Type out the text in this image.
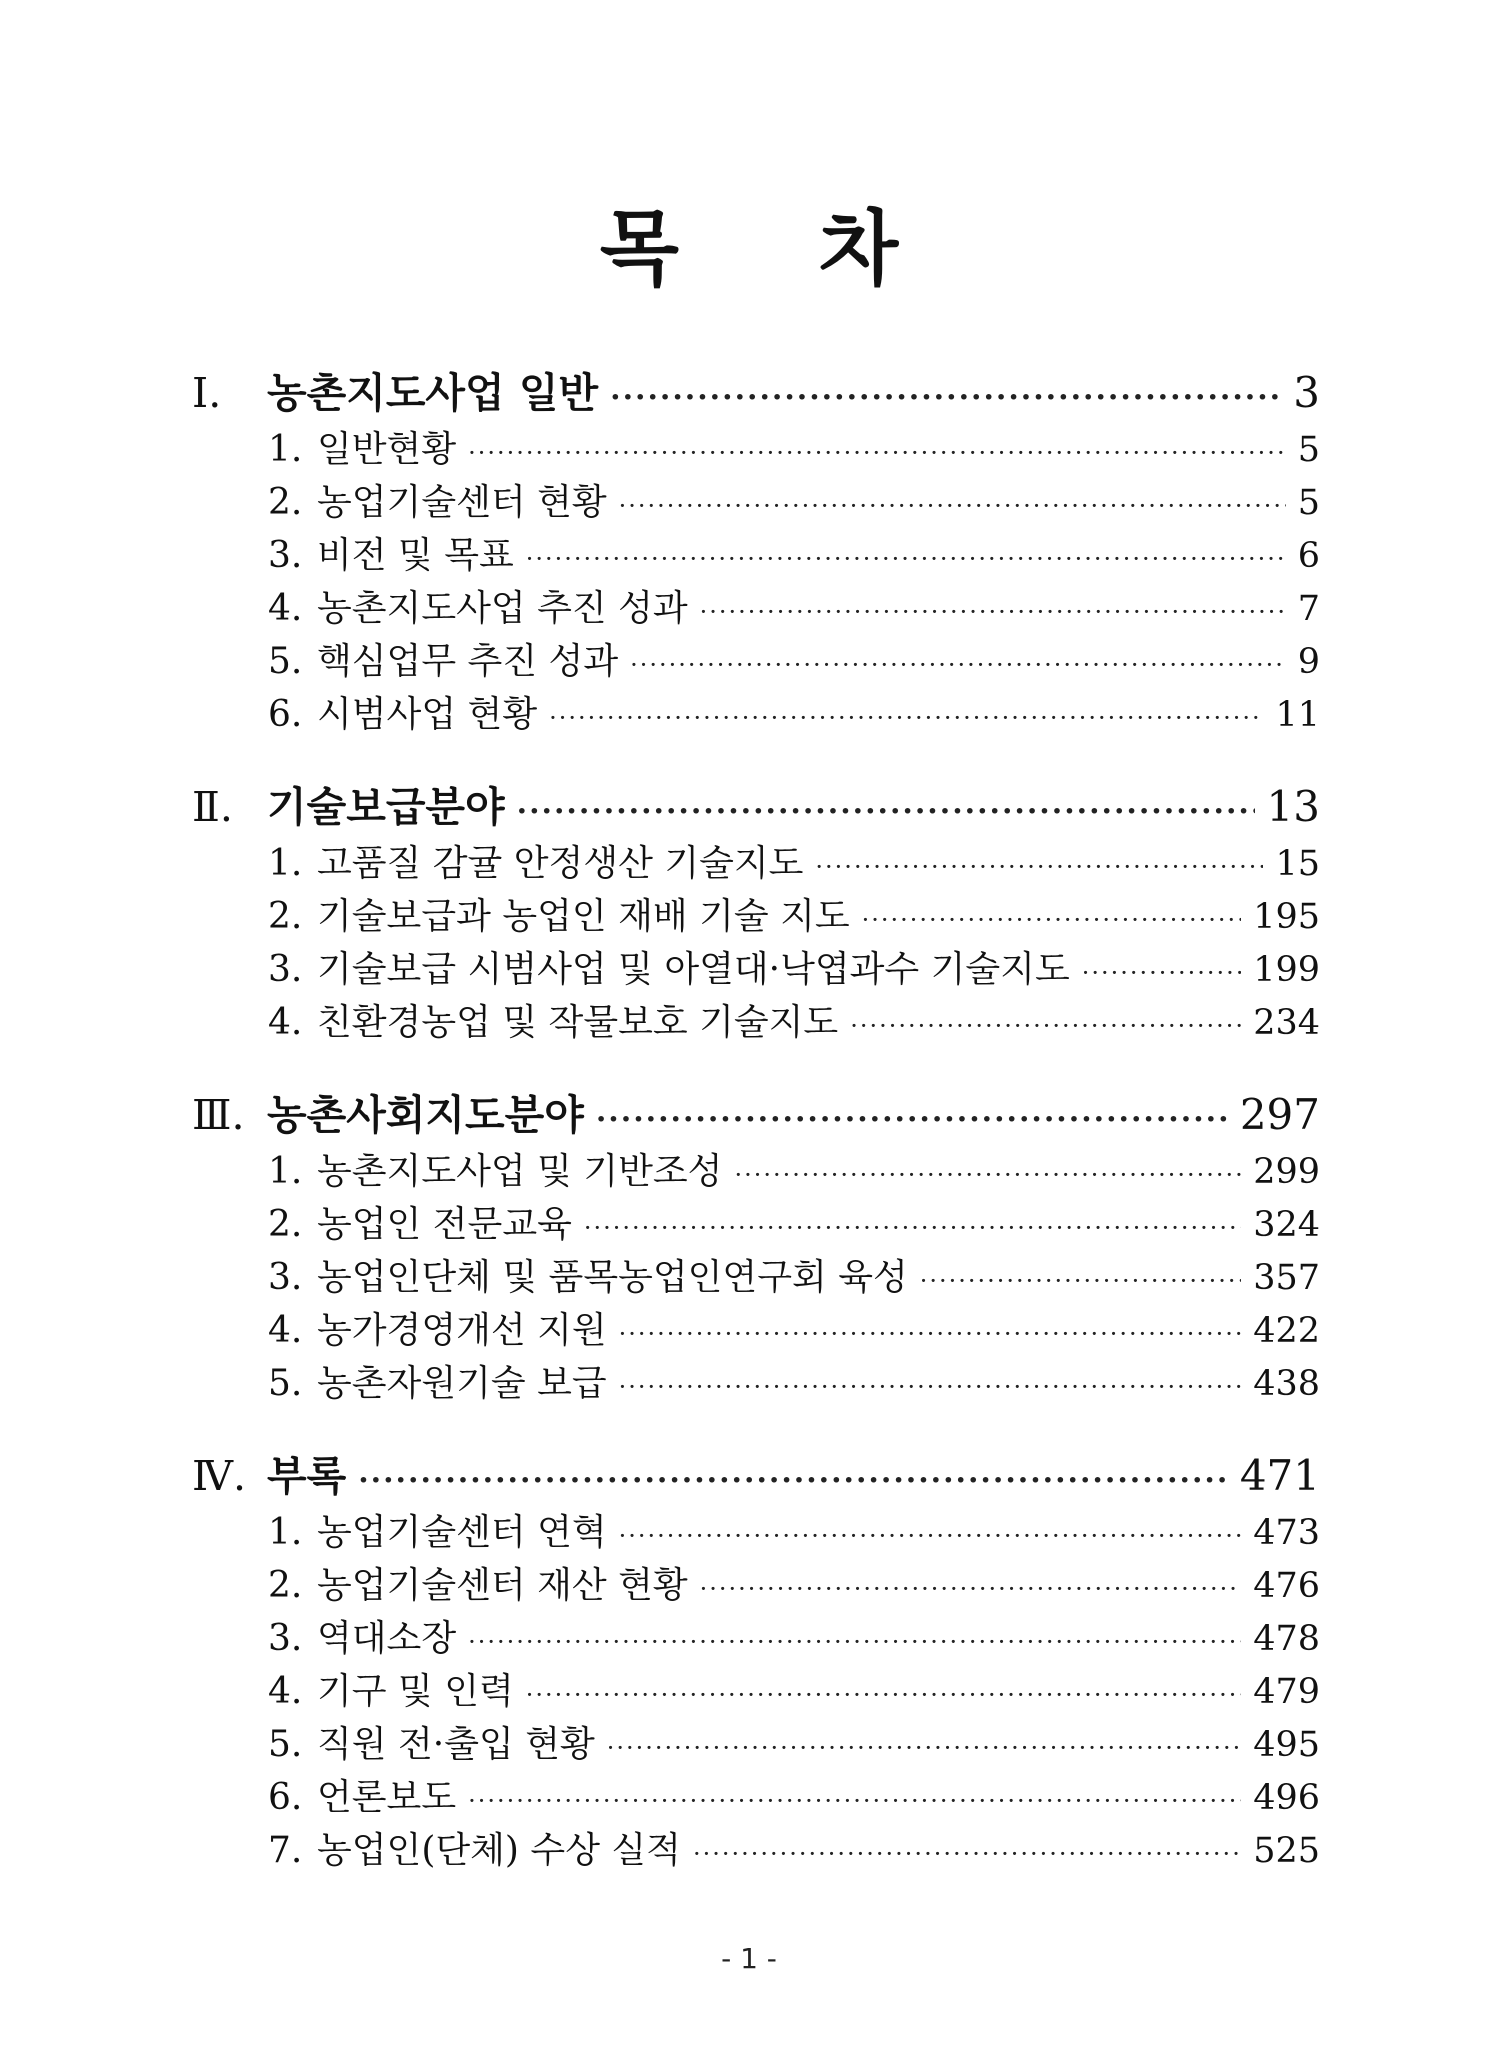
목 차
Ⅰ. 농촌지도사업 일반 ·····	3
1. 일반현황 ·····	5
2. 농업기술센터 현황 ·····	5
3. 비전 및 목표 ·····	6
4. 농촌지도사업 추진 성과 ·····	7
5. 핵심업무 추진 성과 ·····	9
6. 시범사업 현황 ·····	11
Ⅱ. 기술보급분야 ·····	13
1. 고품질 감귤 안정생산 기술지도 ·····	15
2. 기술보급과 농업인 재배 기술 지도 ·····	195
3. 기술보급 시범사업 및 아열대·낙엽과수 기술지도 ·····	199
4. 친환경농업 및 작물보호 기술지도 ·····	234
Ⅲ. 농촌사회지도분야 ·····	297
1. 농촌지도사업 및 기반조성 ·····	299
2. 농업인 전문교육 ·····	324
3. 농업인단체 및 품목농업인연구회 육성 ·····	357
4. 농가경영개선 지원 ·····	422
5. 농촌자원기술 보급 ·····	438
Ⅳ. 부록 ·····	471
1. 농업기술센터 연혁 ·····	473
2. 농업기술센터 재산 현황 ·····	476
3. 역대소장 ·····	478
4. 기구 및 인력 ·····	479
5. 직원 전·출입 현황 ·····	495
6. 언론보도 ·····	496
7. 농업인(단체) 수상 실적 ·····	525
- 1 -
